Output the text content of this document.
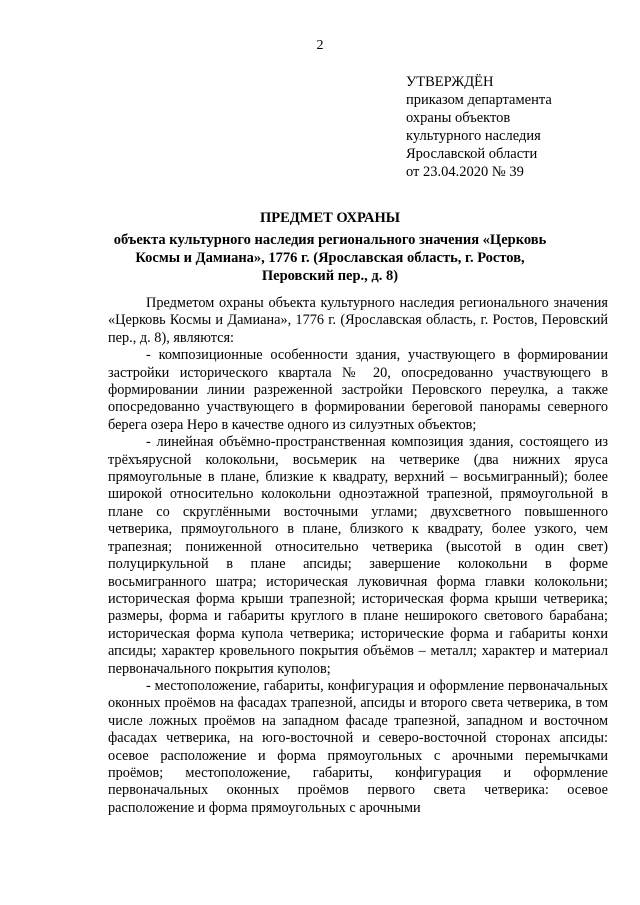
2
УТВЕРЖДЁН
приказом департамента
охраны объектов
культурного наследия
Ярославской области
от 23.04.2020 № 39
ПРЕДМЕТ ОХРАНЫ
объекта культурного наследия регионального значения «Церковь Космы и Дамиана», 1776 г. (Ярославская область, г. Ростов, Перовский пер., д. 8)

Предметом охраны объекта культурного наследия регионального значения «Церковь Космы и Дамиана», 1776 г. (Ярославская область, г. Ростов, Перовский пер., д. 8), являются:

- композиционные особенности здания, участвующего в формировании застройки исторического квартала № 20, опосредованно участвующего в формировании линии разреженной застройки Перовского переулка, а также опосредованно участвующего в формировании береговой панорамы северного берега озера Неро в качестве одного из силуэтных объектов;

- линейная объёмно-пространственная композиция здания, состоящего из трёхъярусной колокольни, восьмерик на четверике (два нижних яруса прямоугольные в плане, близкие к квадрату, верхний – восьмигранный); более широкой относительно колокольни одноэтажной трапезной, прямоугольной в плане со скруглёнными восточными углами; двухсветного повышенного четверика, прямоугольного в плане, близкого к квадрату, более узкого, чем трапезная; пониженной относительно четверика (высотой в один свет) полуциркульной в плане апсиды; завершение колокольни в форме восьмигранного шатра; историческая луковичная форма главки колокольни; историческая форма крыши трапезной; историческая форма крыши четверика; размеры, форма и габариты круглого в плане неширокого светового барабана; историческая форма купола четверика; исторические форма и габариты конхи апсиды; характер кровельного покрытия объёмов – металл; характер и материал первоначального покрытия куполов;

- местоположение, габариты, конфигурация и оформление первоначальных оконных проёмов на фасадах трапезной, апсиды и второго света четверика, в том числе ложных проёмов на западном фасаде трапезной, западном и восточном фасадах четверика, на юго-восточной и северо-восточной сторонах апсиды: осевое расположение и форма прямоугольных с арочными перемычками проёмов; местоположение, габариты, конфигурация и оформление первоначальных оконных проёмов первого света четверика: осевое расположение и форма прямоугольных с арочными
